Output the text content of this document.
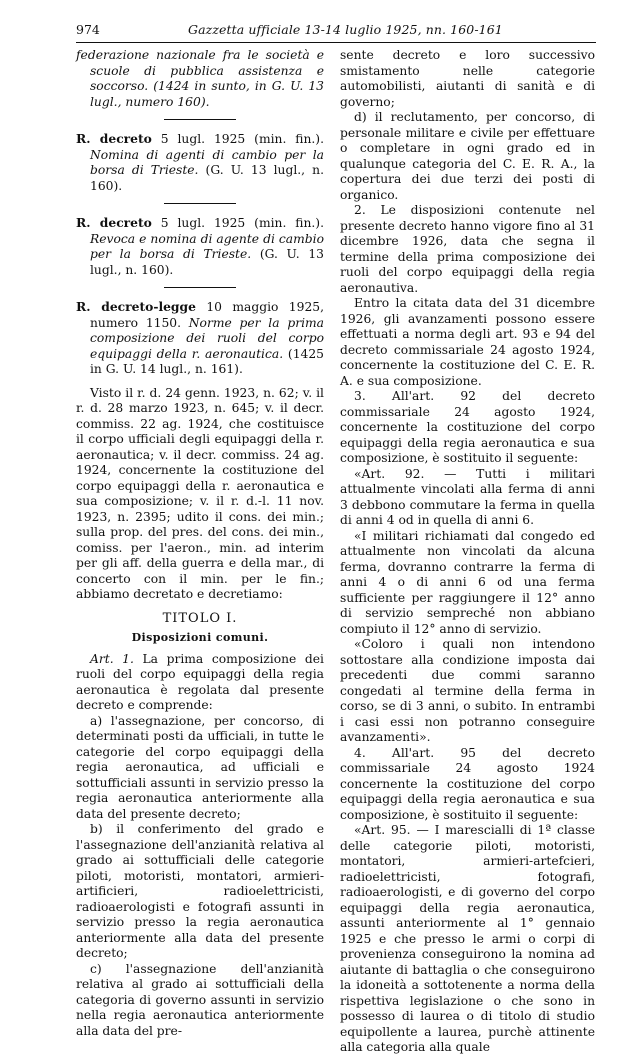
974	Gazzetta ufficiale 13-14 luglio 1925, nn. 160-161

federazione nazionale fra le società e scuole di pubblica assistenza e soccorso. (1424 in sunto, in G. U. 13 lugl., numero 160).

R. decreto 5 lugl. 1925 (min. fin.). Nomina di agenti di cambio per la borsa di Trieste. (G. U. 13 lugl., n. 160).

R. decreto 5 lugl. 1925 (min. fin.). Revoca e nomina di agente di cambio per la borsa di Trieste. (G. U. 13 lugl., n. 160).

R. decreto-legge 10 maggio 1925, numero 1150. Norme per la prima composizione dei ruoli del corpo equipaggi della r. aeronautica. (1425 in G. U. 14 lugl., n. 161).

Visto il r. d. 24 genn. 1923, n. 62; v. il r. d. 28 marzo 1923, n. 645; v. il decr. commiss. 22 ag. 1924, che costituisce il corpo ufficiali degli equipaggi della r. aeronautica; v. il decr. commiss. 24 ag. 1924, concernente la costituzione del corpo equipaggi della r. aeronautica e sua composizione; v. il r. d.-l. 11 nov. 1923, n. 2395; udito il cons. dei min.; sulla prop. del pres. del cons. dei min., comiss. per l'aeron., min. ad interim per gli aff. della guerra e della mar., di concerto con il min. per le fin.; abbiamo decretato e decretiamo:

TITOLO I.
Disposizioni comuni.

Art. 1. La prima composizione dei ruoli del corpo equipaggi della regia aeronautica è regolata dal presente decreto e comprende:

a) l'assegnazione, per concorso, di determinati posti da ufficiali, in tutte le categorie del corpo equipaggi della regia aeronautica, ad ufficiali e sottufficiali assunti in servizio presso la regia aeronautica anteriormente alla data del presente decreto;

b) il conferimento del grado e l'assegnazione dell'anzianità relativa al grado ai sottufficiali delle categorie piloti, motoristi, montatori, armieri-artificieri, radioelettricisti, radioaerologisti e fotografi assunti in servizio presso la regia aeronautica anteriormente alla data del presente decreto;

c) l'assegnazione dell'anzianità relativa al grado ai sottufficiali della categoria di governo assunti in servizio nella regia aeronautica anteriormente alla data del pre-

sente decreto e loro successivo smistamento nelle categorie automobilisti, aiutanti di sanità e di governo;

d) il reclutamento, per concorso, di personale militare e civile per effettuare o completare in ogni grado ed in qualunque categoria del C. E. R. A., la copertura dei due terzi dei posti di organico.

2. Le disposizioni contenute nel presente decreto hanno vigore fino al 31 dicembre 1926, data che segna il termine della prima composizione dei ruoli del corpo equipaggi della regia aeronautiva.

Entro la citata data del 31 dicembre 1926, gli avanzamenti possono essere effettuati a norma degli art. 93 e 94 del decreto commissariale 24 agosto 1924, concernente la costituzione del C. E. R. A. e sua composizione.

3. All'art. 92 del decreto commissariale 24 agosto 1924, concernente la costituzione del corpo equipaggi della regia aeronautica e sua composizione, è sostituito il seguente:

«Art. 92. — Tutti i militari attualmente vincolati alla ferma di anni 3 debbono commutare la ferma in quella di anni 4 od in quella di anni 6.

«I militari richiamati dal congedo ed attualmente non vincolati da alcuna ferma, dovranno contrarre la ferma di anni 4 o di anni 6 od una ferma sufficiente per raggiungere il 12° anno di servizio sempreché non abbiano compiuto il 12° anno di servizio.

«Coloro i quali non intendono sottostare alla condizione imposta dai precedenti due commi saranno congedati al termine della ferma in corso, se di 3 anni, o subito. In entrambi i casi essi non potranno conseguire avanzamenti».

4. All'art. 95 del decreto commissariale 24 agosto 1924 concernente la costituzione del corpo equipaggi della regia aeronautica e sua composizione, è sostituito il seguente:

«Art. 95. — I marescialli di 1ª classe delle categorie piloti, motoristi, montatori, armieri-artefcieri, radioelettricisti, fotografi, radioaerologisti, e di governo del corpo equipaggi della regia aeronautica, assunti anteriormente al 1° gennaio 1925 e che presso le armi o corpi di provenienza conseguirono la nomina ad aiutante di battaglia o che conseguirono la idoneità a sottotenente a norma della rispettiva legislazione o che sono in possesso di laurea o di titolo di studio equipollente a laurea, purchè attinente alla categoria alla quale
